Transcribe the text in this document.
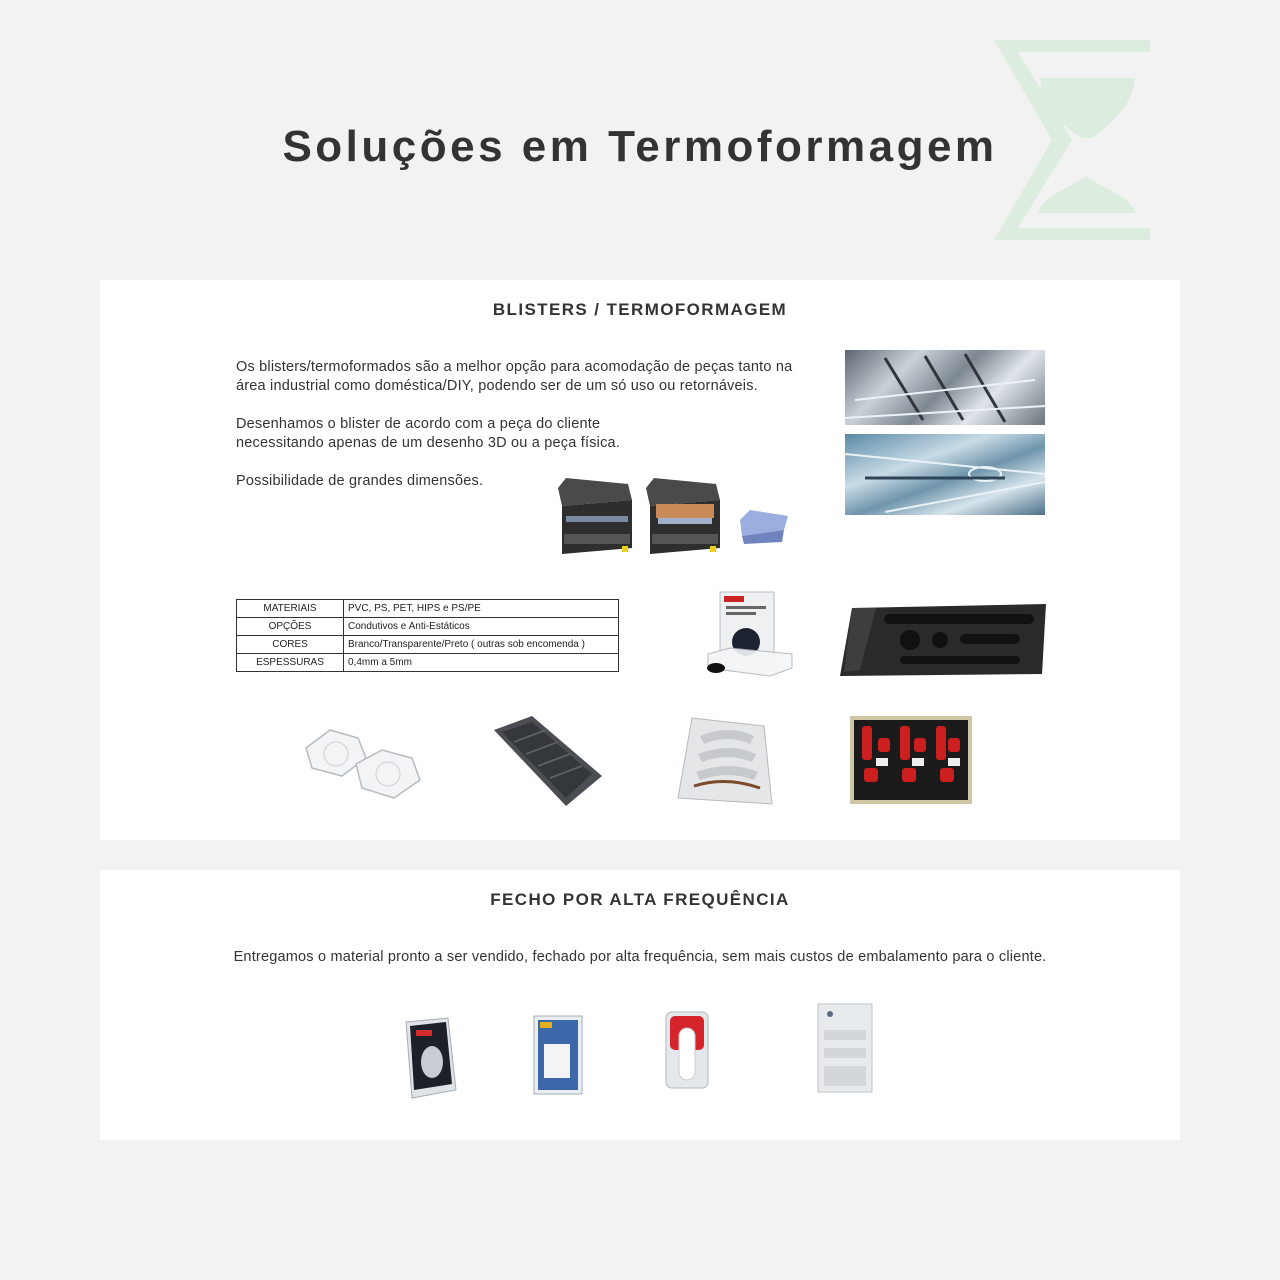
Soluções em Termoformagem
BLISTERS / TERMOFORMAGEM

Os blisters/termoformados são a melhor opção para acomodação de peças tanto na
área industrial como doméstica/DIY, podendo ser de um só uso ou retornáveis.

Desenhamos o blister de acordo com a peça do cliente
necessitando apenas de um desenho 3D ou a peça física.

Possibilidade de grandes dimensões.

MATERIAIS	PVC, PS, PET, HIPS e PS/PE
OPÇÕES	Condutivos e Anti-Estáticos
CORES	Branco/Transparente/Preto ( outras sob encomenda )
ESPESSURAS	0,4mm a 5mm
FECHO POR ALTA FREQUÊNCIA

Entregamos o material pronto a ser vendido, fechado por alta frequência, sem mais custos de embalamento para o cliente.
